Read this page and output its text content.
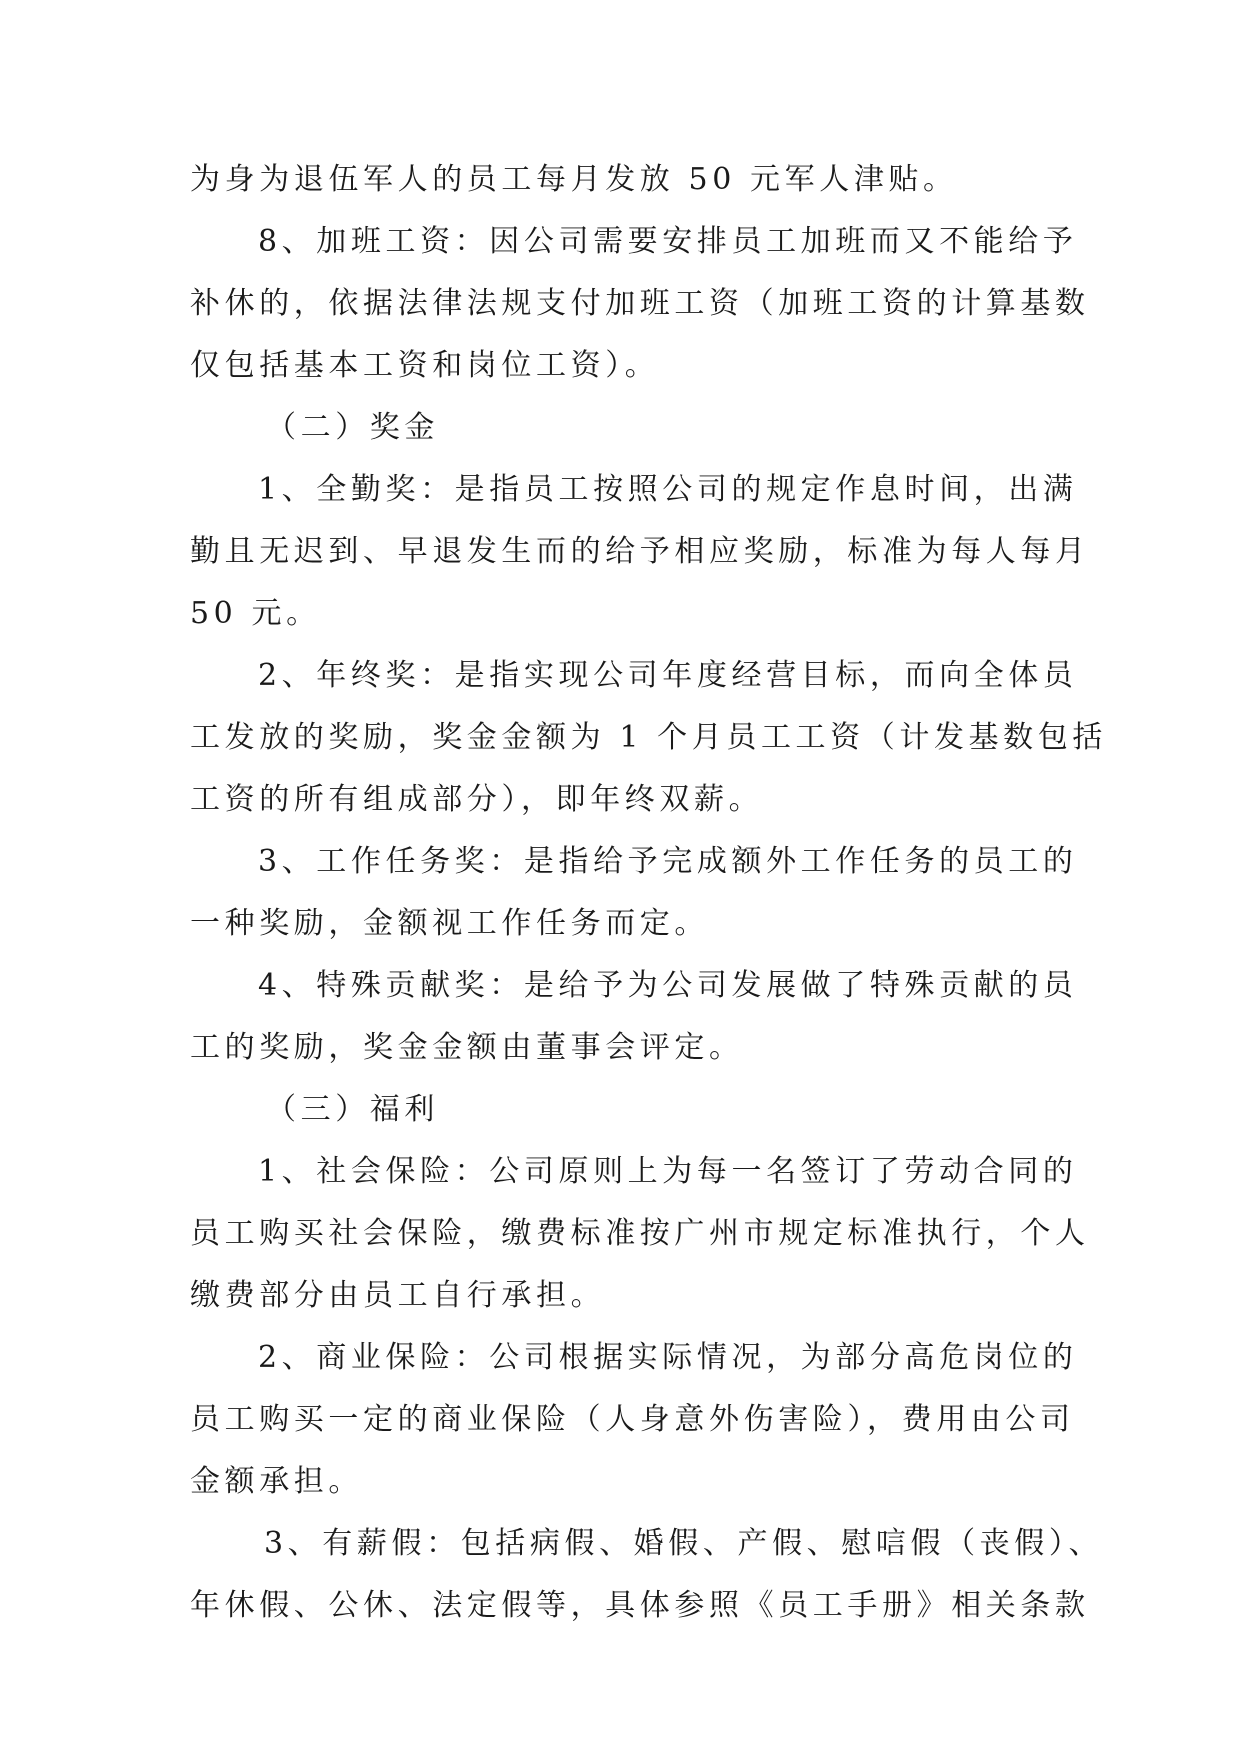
为身为退伍军人的员工每月发放 50 元军人津贴。
8、加班工资：因公司需要安排员工加班而又不能给予
补休的，依据法律法规支付加班工资（加班工资的计算基数
仅包括基本工资和岗位工资）。
（二）奖金
1、全勤奖：是指员工按照公司的规定作息时间，出满
勤且无迟到、早退发生而的给予相应奖励，标准为每人每月
50 元。
2、年终奖：是指实现公司年度经营目标，而向全体员
工发放的奖励，奖金金额为 1 个月员工工资（计发基数包括
工资的所有组成部分），即年终双薪。
3、工作任务奖：是指给予完成额外工作任务的员工的
一种奖励，金额视工作任务而定。
4、特殊贡献奖：是给予为公司发展做了特殊贡献的员
工的奖励，奖金金额由董事会评定。
（三）福利
1、社会保险：公司原则上为每一名签订了劳动合同的
员工购买社会保险，缴费标准按广州市规定标准执行，个人
缴费部分由员工自行承担。
2、商业保险：公司根据实际情况，为部分高危岗位的
员工购买一定的商业保险（人身意外伤害险），费用由公司
金额承担。
3、有薪假：包括病假、婚假、产假、慰唁假（丧假）、
年休假、公休、法定假等，具体参照《员工手册》相关条款
